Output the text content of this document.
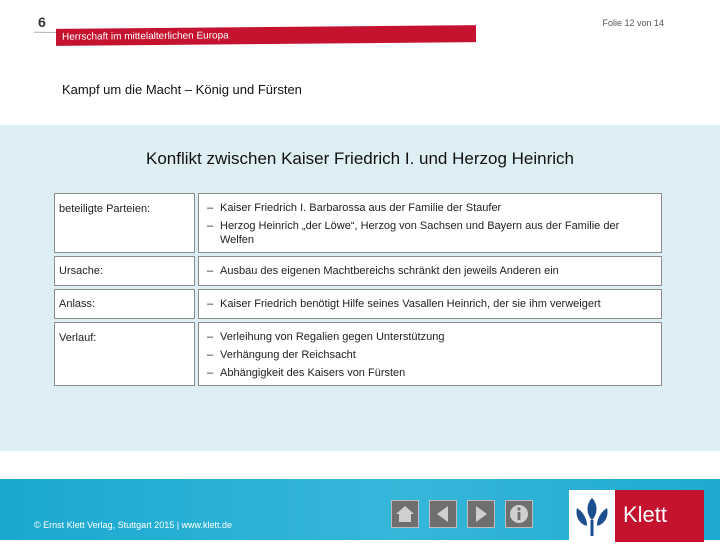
6
Herrschaft im mittelalterlichen Europa
Folie 12 von 14
Kampf um die Macht – König und Fürsten
Konflikt zwischen Kaiser Friedrich I. und Herzog Heinrich
beteiligte Parteien:	– Kaiser Friedrich I. Barbarossa aus der Familie der Staufer
– Herzog Heinrich „der Löwe“, Herzog von Sachsen und Bayern aus der Familie der Welfen
Ursache:	– Ausbau des eigenen Machtbereichs schränkt den jeweils Anderen ein
Anlass:	– Kaiser Friedrich benötigt Hilfe seines Vasallen Heinrich, der sie ihm verweigert
Verlauf:	– Verleihung von Regalien gegen Unterstützung
– Verhängung der Reichsacht
– Abhängigkeit des Kaisers von Fürsten
© Ernst Klett Verlag, Stuttgart 2015 | www.klett.de	Klett
